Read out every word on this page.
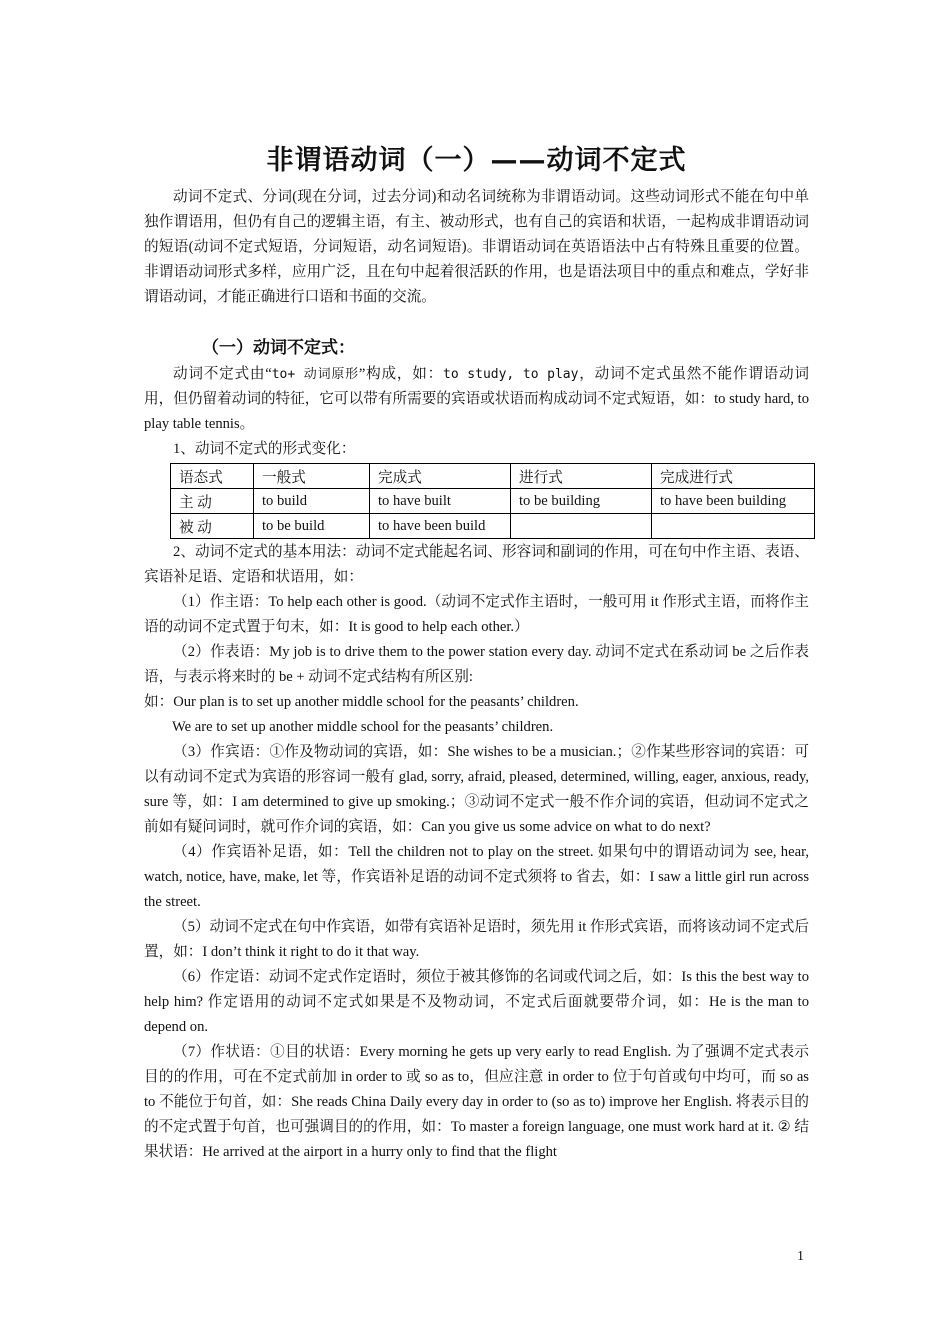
非谓语动词（一）——动词不定式

动词不定式、分词(现在分词，过去分词)和动名词统称为非谓语动词。这些动词形式不能在句中单独作谓语用，但仍有自己的逻辑主语，有主、被动形式，也有自己的宾语和状语，一起构成非谓语动词的短语(动词不定式短语，分词短语，动名词短语)。非谓语动词在英语语法中占有特殊且重要的位置。非谓语动词形式多样，应用广泛，且在句中起着很活跃的作用，也是语法项目中的重点和难点，学好非谓语动词，才能正确进行口语和书面的交流。

（一）动词不定式：

动词不定式由“to+ 动词原形”构成，如：to study, to play，动词不定式虽然不能作谓语动词用，但仍留着动词的特征，它可以带有所需要的宾语或状语而构成动词不定式短语，如：to study hard, to play table tennis。

1、动词不定式的形式变化：

语态式	一般式	完成式	进行式	完成进行式
主 动	to build	to have built	to be building	to have been building
被 动	to be build	to have been build		

2、动词不定式的基本用法：动词不定式能起名词、形容词和副词的作用，可在句中作主语、表语、宾语补足语、定语和状语用，如：

（1）作主语：To help each other is good.（动词不定式作主语时，一般可用 it 作形式主语，而将作主语的动词不定式置于句末，如：It is good to help each other.）

（2）作表语：My job is to drive them to the power station every day. 动词不定式在系动词 be 之后作表语，与表示将来时的 be + 动词不定式结构有所区别:

如：Our plan is to set up another middle school for the peasants’ children.

We are to set up another middle school for the peasants’ children.

（3）作宾语：①作及物动词的宾语，如：She wishes to be a musician.；②作某些形容词的宾语：可以有动词不定式为宾语的形容词一般有 glad, sorry, afraid, pleased, determined, willing, eager, anxious, ready, sure 等，如：I am determined to give up smoking.；③动词不定式一般不作介词的宾语，但动词不定式之前如有疑问词时，就可作介词的宾语，如：Can you give us some advice on what to do next?

（4）作宾语补足语，如：Tell the children not to play on the street. 如果句中的谓语动词为 see, hear, watch, notice, have, make, let 等，作宾语补足语的动词不定式须将 to 省去，如：I saw a little girl run across the street.

（5）动词不定式在句中作宾语，如带有宾语补足语时，须先用 it 作形式宾语，而将该动词不定式后置，如：I don’t think it right to do it that way.

（6）作定语：动词不定式作定语时，须位于被其修饰的名词或代词之后，如：Is this the best way to help him? 作定语用的动词不定式如果是不及物动词，不定式后面就要带介词，如：He is the man to depend on.

（7）作状语：①目的状语：Every morning he gets up very early to read English. 为了强调不定式表示目的的作用，可在不定式前加 in order to 或 so as to，但应注意 in order to 位于句首或句中均可，而 so as to 不能位于句首，如：She reads China Daily every day in order to (so as to) improve her English. 将表示目的的不定式置于句首，也可强调目的的作用，如：To master a foreign language, one must work hard at it. ② 结果状语：He arrived at the airport in a hurry only to find that the flight

1
